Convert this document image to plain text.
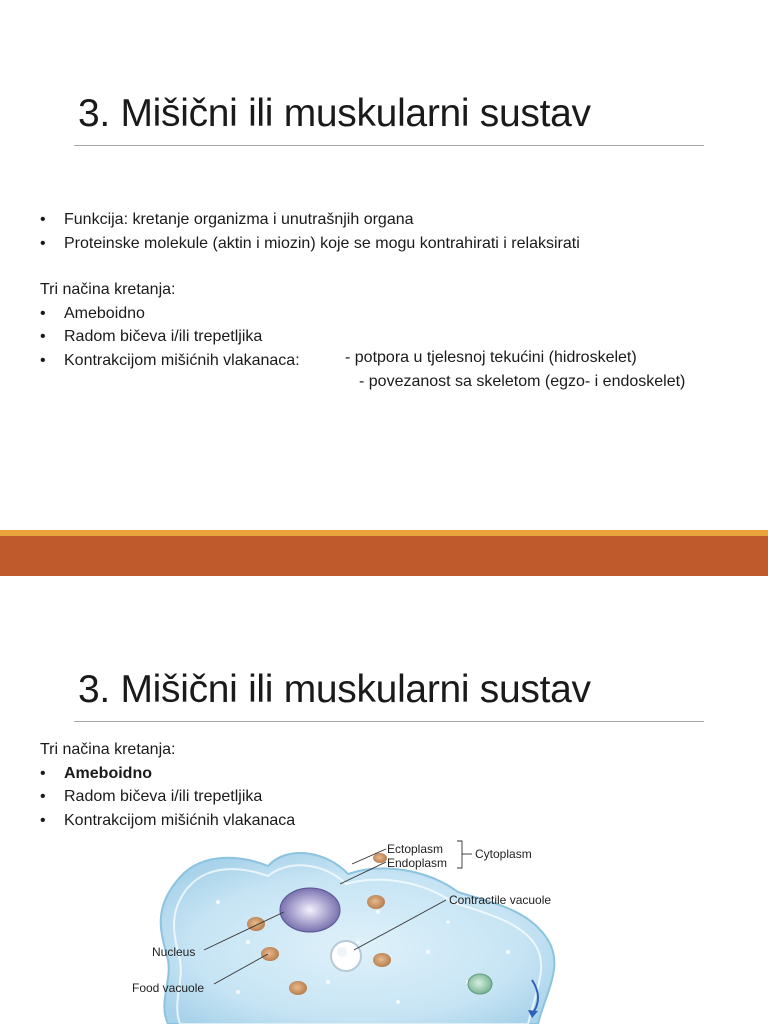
3. Mišični ili muskularni sustav
•	Funkcija: kretanje organizma i unutrašnjih organa
•	Proteinske molekule (aktin i miozin) koje se mogu kontrahirati i relaksirati
Tri načina kretanja:
•	Ameboidno
•	Radom bičeva i/ili trepetljika
•	Kontrakcijom mišićnih vlakanaca:	- potpora u tjelesnoj tekućini (hidroskelet)
- povezanost sa skeletom (egzo- i endoskelet)
3. Mišični ili muskularni sustav
Tri načina kretanja:
•	Ameboidno
•	Radom bičeva i/ili trepetljika
•	Kontrakcijom mišićnih vlakanaca
Ectoplasm
Endoplasm
Cytoplasm
Contractile vacuole
Nucleus
Food vacuole
